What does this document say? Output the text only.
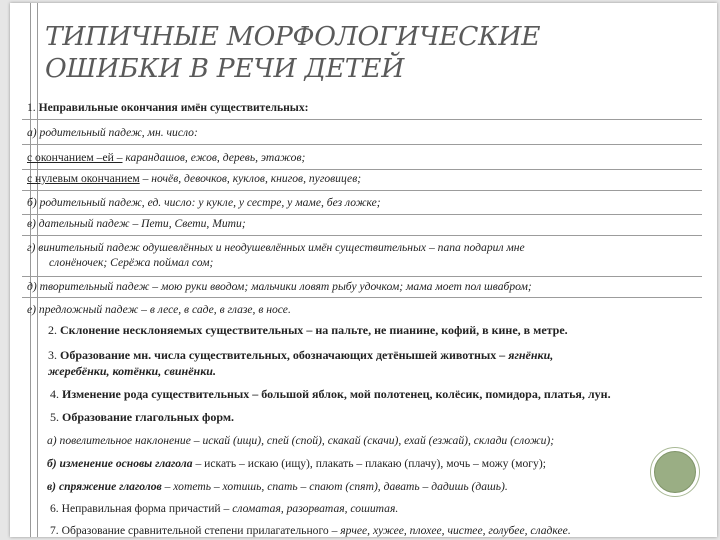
ТИПИЧНЫЕ МОРФОЛОГИЧЕСКИЕ
ОШИБКИ В РЕЧИ ДЕТЕЙ
1. Неправильные окончания имён существительных:
а) родительный падеж, мн. число:
с окончанием –ей – карандашов, ежов, деревь, этажов;
с нулевым окончанием – ночёв, девочков, куклов, книгов, пуговицев;
б) родительный падеж, ед. число: у кукле, у сестре, у маме, без ложке;
в) дательный падеж – Пети, Свети, Мити;
г) винительный падеж одушевлённых и неодушевлённых имён существительных – папа подарил мне
слонёночек; Серёжа поймал сом;
д) творительный падеж – мою руки вводом; мальчики ловят рыбу удочком; мама моет пол швабром;
е) предложный падеж – в лесе, в саде, в глазе, в носе.
2. Склонение несклоняемых существительных – на пальте, не пианине, кофий, в кине, в метре.
3. Образование мн. числа существительных, обозначающих детёнышей животных – ягнёнки,
жеребёнки, котёнки, свинёнки.
4. Изменение рода существительных – большой яблок, мой полотенец, колёсик, помидора, платья, лун.
5. Образование глагольных форм.
а) повелительное наклонение – искай (ищи), спей (спой), скакай (скачи), ехай (езжай), склади (сложи);
б) изменение основы глагола – искать – искаю (ищу), плакать – плакаю (плачу), мочь – можу (могу);
в) спряжение глаголов – хотеть – хотишь, спать – спают (спят), давать – дадишь (дашь).
6. Неправильная форма причастий – сломатая, разорватая, сошитая.
7. Образование сравнительной степени прилагательного – ярчее, хужее, плохее, чистее, голубее, сладкее.
